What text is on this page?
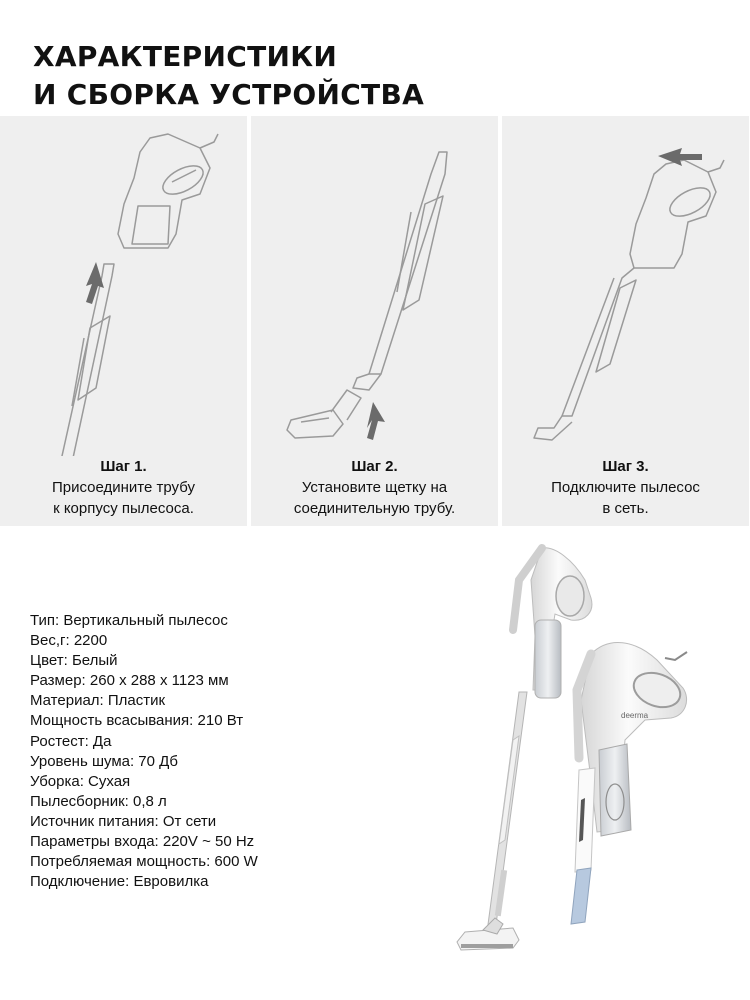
ХАРАКТЕРИСТИКИ
И СБОРКА УСТРОЙСТВА
Шаг 1.
Присоедините трубу
к корпусу пылесоса.
Шаг 2.
Установите щетку на
соединительную трубу.
Шаг 3.
Подключите пылесос
в сеть.
Тип: Вертикальный пылесос
Вес,г: 2200
Цвет: Белый
Размер: 260 х 288 х 1123 мм
Материал: Пластик
Мощность всасывания: 210 Вт
Ростест: Да
Уровень шума: 70 Дб
Уборка: Сухая
Пылесборник: 0,8 л
Источник питания: От сети
Параметры входа: 220V ~ 50 Hz
Потребляемая мощность: 600 W
Подключение: Евровилка
deerma
